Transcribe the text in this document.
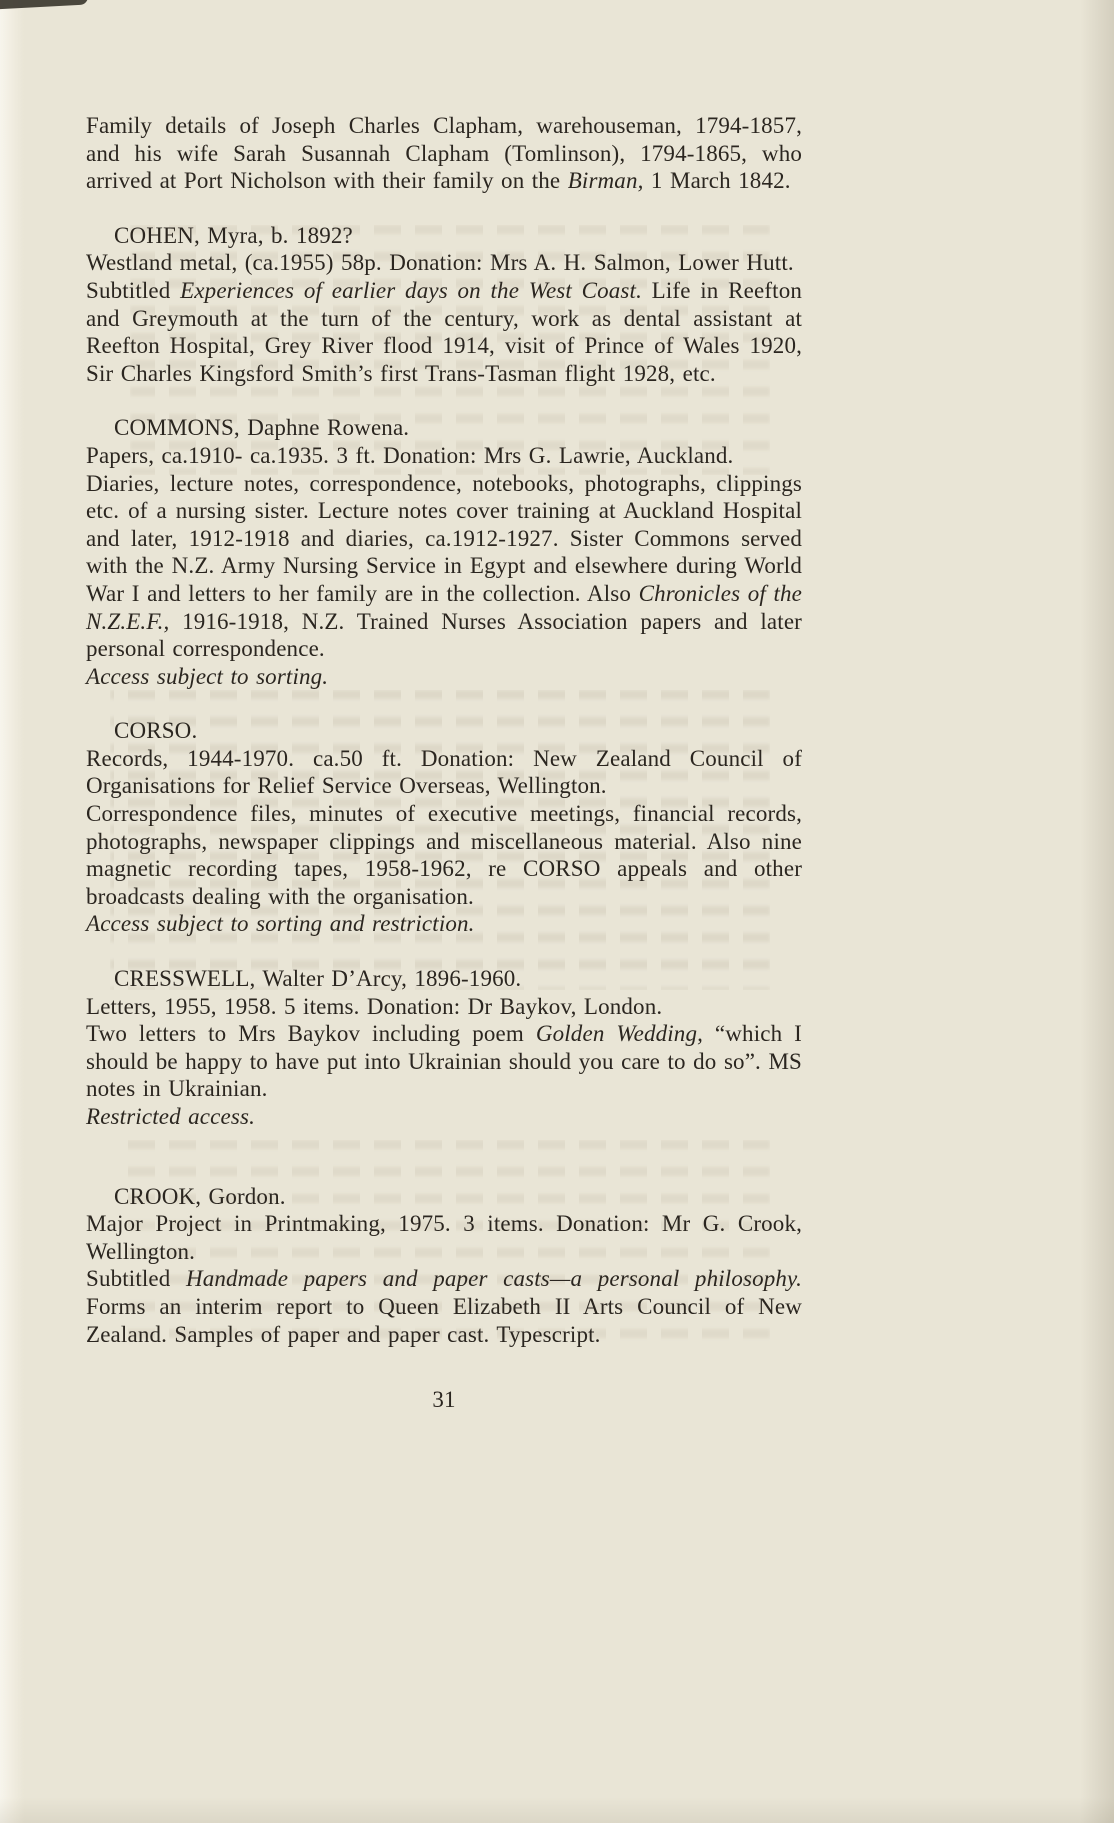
Family details of Joseph Charles Clapham, warehouseman, 1794-1857, and his wife Sarah Susannah Clapham (Tomlinson), 1794-1865, who arrived at Port Nicholson with their family on the Birman, 1 March 1842.

COHEN, Myra, b. 1892?

Westland metal, (ca.1955) 58p. Donation: Mrs A. H. Salmon, Lower Hutt.

Subtitled Experiences of earlier days on the West Coast. Life in Reefton and Greymouth at the turn of the century, work as dental assistant at Reefton Hospital, Grey River flood 1914, visit of Prince of Wales 1920, Sir Charles Kingsford Smith’s first Trans-Tasman flight 1928, etc.

COMMONS, Daphne Rowena.

Papers, ca.1910- ca.1935. 3 ft. Donation: Mrs G. Lawrie, Auckland.

Diaries, lecture notes, correspondence, notebooks, photographs, clippings etc. of a nursing sister. Lecture notes cover training at Auckland Hospital and later, 1912-1918 and diaries, ca.1912-1927. Sister Commons served with the N.Z. Army Nursing Service in Egypt and elsewhere during World War I and letters to her family are in the collection. Also Chronicles of the N.Z.E.F., 1916-1918, N.Z. Trained Nurses Association papers and later personal correspondence.

Access subject to sorting.

CORSO.

Records, 1944-1970. ca.50 ft. Donation: New Zealand Council of Organisations for Relief Service Overseas, Wellington.

Correspondence files, minutes of executive meetings, financial records, photographs, newspaper clippings and miscellaneous material. Also nine magnetic recording tapes, 1958-1962, re CORSO appeals and other broadcasts dealing with the organisation.

Access subject to sorting and restriction.

CRESSWELL, Walter D’Arcy, 1896-1960.

Letters, 1955, 1958. 5 items. Donation: Dr Baykov, London.

Two letters to Mrs Baykov including poem Golden Wedding, “which I should be happy to have put into Ukrainian should you care to do so”. MS notes in Ukrainian.

Restricted access.

CROOK, Gordon.

Major Project in Printmaking, 1975. 3 items. Donation: Mr G. Crook, Wellington.

Subtitled Handmade papers and paper casts—a personal philosophy. Forms an interim report to Queen Elizabeth II Arts Council of New Zealand. Samples of paper and paper cast. Typescript.

31
